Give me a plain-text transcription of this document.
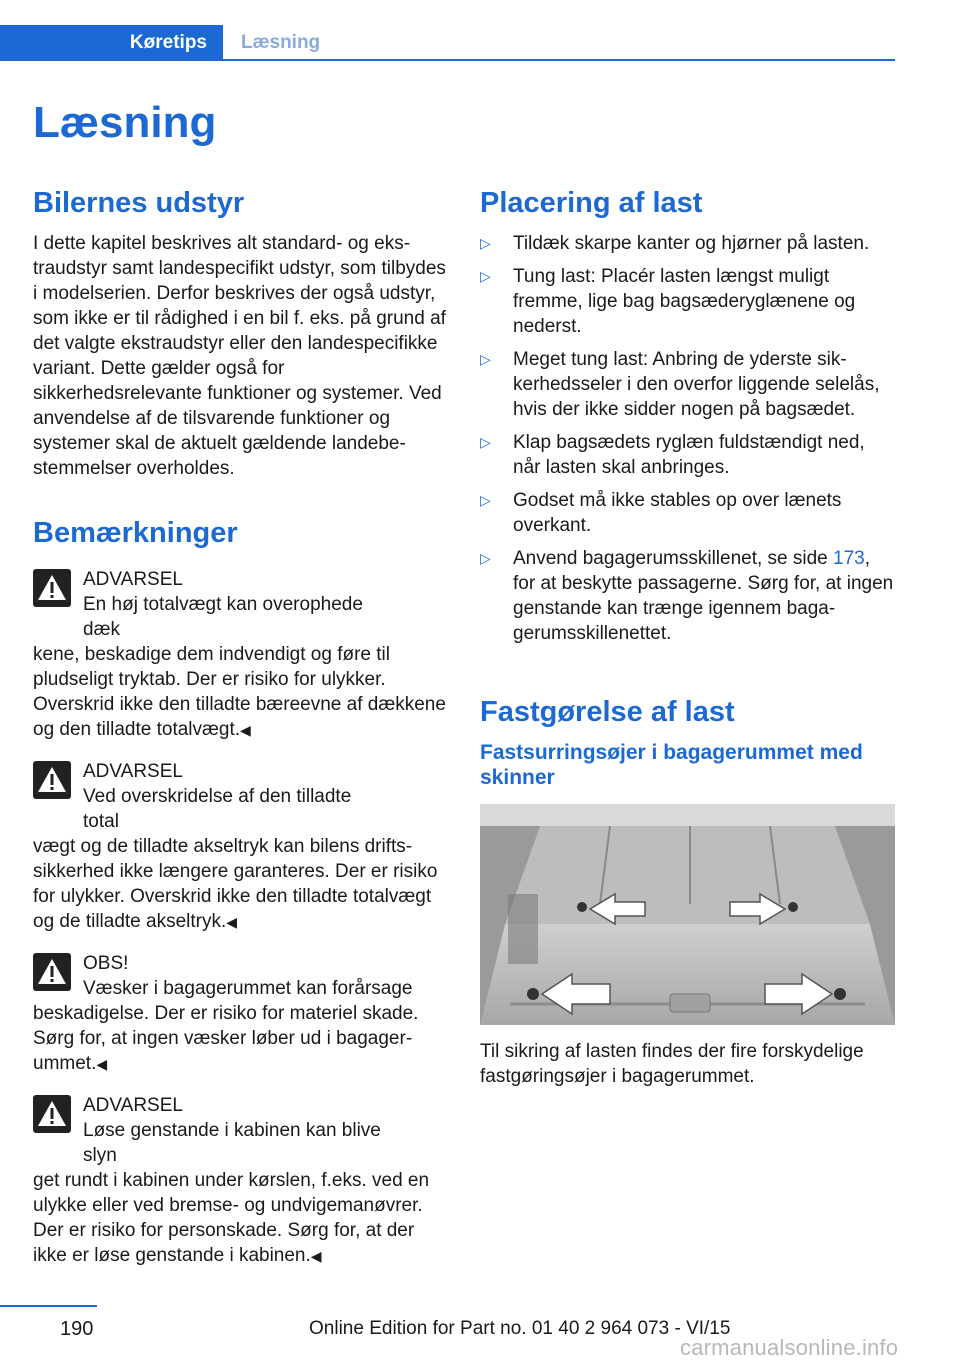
Køretips	Læsning
Læsning
Bilernes udstyr

I dette kapitel beskrives alt standard- og ekstraudstyr samt landespecifikt udstyr, som tilbydes i modelserien. Derfor beskrives der også udstyr, som ikke er til rådighed i en bil f. eks. på grund af det valgte ekstraudstyr eller den landespecifikke variant. Dette gælder også for sikkerhedsrelevante funktioner og systemer. Ved anvendelse af de tilsvarende funktioner og systemer skal de aktuelt gældende landebestemmelser overholdes.

Bemærkninger
ADVARSEL
En høj totalvægt kan overophede dæk

kene, beskadige dem indvendigt og føre til pludseligt tryktab. Der er risiko for ulykker. Overskrid ikke den tilladte bæreevne af dækkene og den tilladte totalvægt.◀

ADVARSEL
Ved overskridelse af den tilladte total

vægt og de tilladte akseltryk kan bilens driftssikkerhed ikke længere garanteres. Der er risiko for ulykker. Overskrid ikke den tilladte totalvægt og de tilladte akseltryk.◀

OBS!
Væsker i bagagerummet kan forårsage

beskadigelse. Der er risiko for materiel skade. Sørg for, at ingen væsker løber ud i bagagerummet.◀

ADVARSEL
Løse genstande i kabinen kan blive slyn

get rundt i kabinen under kørslen, f.eks. ved en ulykke eller ved bremse- og undvigemanøvrer. Der er risiko for personskade. Sørg for, at der ikke er løse genstande i kabinen.◀

Placering af last
▷	Tildæk skarpe kanter og hjørner på lasten.
▷	Tung last: Placér lasten længst muligt fremme, lige bag bagsæderyglænene og nederst.
▷	Meget tung last: Anbring de yderste sikkerhedsseler i den overfor liggende selelås, hvis der ikke sidder nogen på bagsædet.
▷	Klap bagsædets ryglæn fuldstændigt ned, når lasten skal anbringes.
▷	Godset må ikke stables op over lænets overkant.
▷	Anvend bagagerumsskillenet, se side 173, for at beskytte passagerne. Sørg for, at ingen genstande kan trænge igennem bagagerumsskillenettet.
Fastgørelse af last
Fastsurringsøjer i bagagerummet med skinner

Til sikring af lasten findes der fire forskydelige fastgøringsøjer i bagagerummet.

190	Online Edition for Part no. 01 40 2 964 073 - VI/15
carmanualsonline.info
